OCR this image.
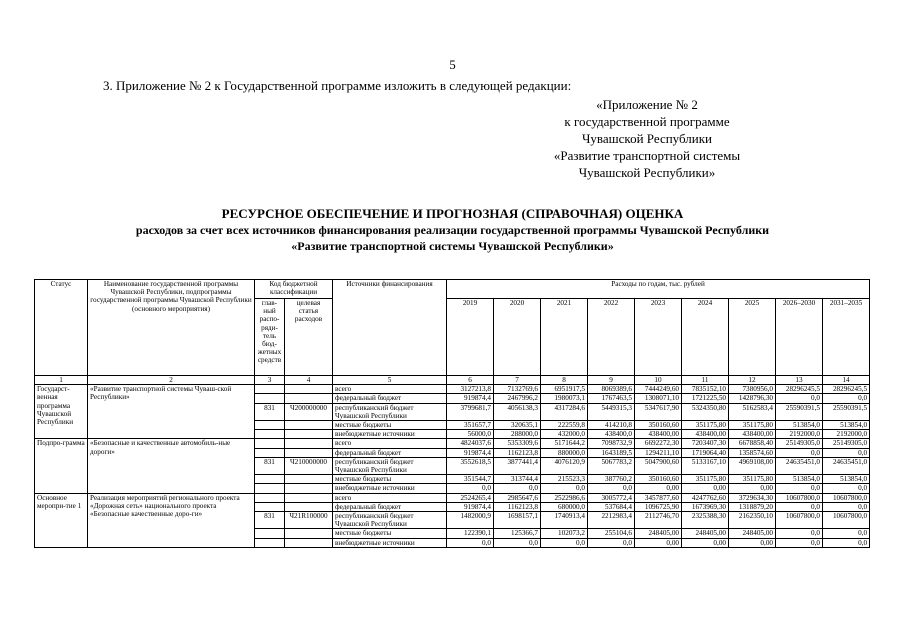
5
3. Приложение № 2 к Государственной программе изложить в следующей редакции:
«Приложение № 2
к государственной программе
Чувашской Республики
«Развитие транспортной системы
Чувашской Республики»
РЕСУРСНОЕ ОБЕСПЕЧЕНИЕ И ПРОГНОЗНАЯ (СПРАВОЧНАЯ) ОЦЕНКА
расходов за счет всех источников финансирования реализации государственной программы Чувашской Республики
«Развитие транспортной системы Чувашской Республики»
Статус	Наименование государственной программы Чувашской Республики, подпрограммы государственной программы Чувашской Республики (основного мероприятия)	Код бюджетной классификации		Источники финансирования	Расходы по годам, тыс. рублей								
		глав-ный распо-ряди-тель бюд-жетных средств	целевая статья расходов		2019	2020	2021	2022	2023	2024	2025	2026–2030	2031–2035
1	2	3	4	5	6	7	8	9	10	11	12	13	14
Государст-венная программа Чувашской Республики	«Развитие транспортной системы Чуваш-ской Республики»			всего	3127213,8	7132769,6	6951917,5	8069389,6	7444249,60	7835152,10	7380956,0	28296245,5	28296245,5
				федеральный бюджет	919874,4	2467996,2	1980073,1	1767463,5	1308071,10	1721225,50	1428796,30	0,0	0,0
		831	Ч200000000	республиканский бюджет Чувашской Республики	3799681,7	4056138,3	4317284,6	5449315,3	5347617,90	5324350,80	5162583,4	25590391,5	25590391,5
				местные бюджеты	351657,7	320635,1	222559,8	414210,8	350160,60	351175,80	351175,80	513854,0	513854,0
				внебюджетные источники	56000,0	288000,0	432000,0	438400,0	438400,00	438400,00	438400,00	2192000,0	2192000,0
Подпро-грамма	«Безопасные и качественные автомобиль-ные дороги»			всего	4824037,6	5353309,6	5171644,2	7098732,9	6692272,30	7203407,30	6678858,40	25149305,0	25149305,0
				федеральный бюджет	919874,4	1162123,8	880000,0	1643189,5	1294211,10	1719064,40	1358574,60	0,0	0,0
		831	Ч210000000	республиканский бюджет Чувашской Республики	3552618,5	3877441,4	4076120,9	5067783,2	5047900,60	5133167,10	4969108,00	24635451,0	24635451,0
				местные бюджеты	351544,7	313744,4	215523,3	387760,2	350160,60	351175,80	351175,80	513854,0	513854,0
				внебюджетные источники	0,0	0,0	0,0	0,0	0,00	0,00	0,00	0,0	0,0
Основное меропри-тие 1	Реализация мероприятий регионального проекта «Дорожная сеть» национального проекта «Безопасные качественные доро-ги»			всего	2524265,4	2985647,6	2522986,6	3005772,4	3457877,60	4247762,60	3729634,30	10607800,0	10607800,0
				федеральный бюджет	919874,4	1162123,8	680000,0	537684,4	1096725,90	1673969,30	1318879,20	0,0	0,0
		831	Ч21R100000	республиканский бюджет Чувашской Республики	1482000,9	1698157,1	1740913,4	2212983,4	2112746,70	2325388,30	2162350,10	10607800,0	10607800,0
				местные бюджеты	122390,1	125366,7	102073,2	255104,6	248405,00	248405,00	248405,00	0,0	0,0
				внебюджетные источники	0,0	0,0	0,0	0,0	0,00	0,00	0,00	0,0	0,0
